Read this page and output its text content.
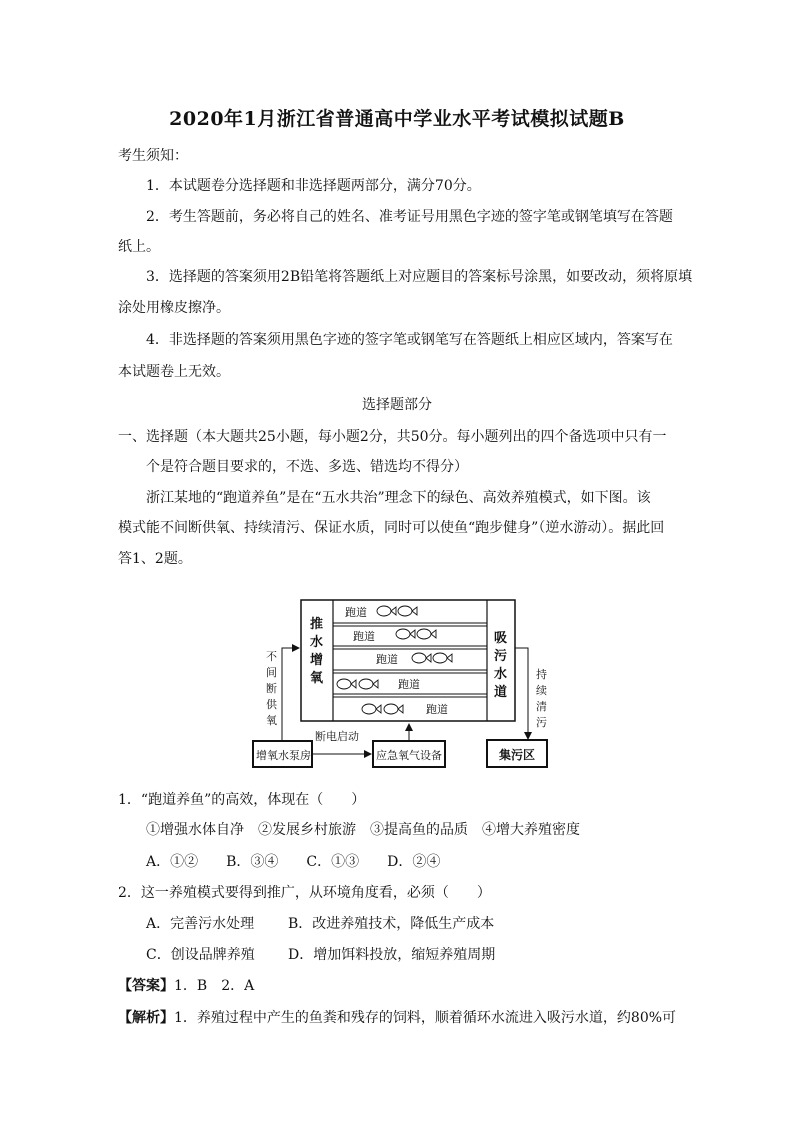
2020年1月浙江省普通高中学业水平考试模拟试题B
考生须知：
1．本试题卷分选择题和非选择题两部分，满分70分。
2．考生答题前，务必将自己的姓名、准考证号用黑色字迹的签字笔或钢笔填写在答题
纸上。
3．选择题的答案须用2B铅笔将答题纸上对应题目的答案标号涂黑，如要改动，须将原填
涂处用橡皮擦净。
4．非选择题的答案须用黑色字迹的签字笔或钢笔写在答题纸上相应区域内，答案写在
本试题卷上无效。
选择题部分
一、选择题（本大题共25小题，每小题2分，共50分。每小题列出的四个备选项中只有一
个是符合题目要求的，不选、多选、错选均不得分）
浙江某地的“跑道养鱼”是在“五水共治”理念下的绿色、高效养殖模式，如下图。该
模式能不间断供氧、持续清污、保证水质，同时可以使鱼“跑步健身”（逆水游动）。据此回
答1、2题。
推 水 增 氧
吸 污 水 道
跑道
跑道
跑道
跑道
跑道
不 间 断 供 氧
持 续 清 污
增氧水泵房	应急氧气设备	集污区
断电启动
1．“跑道养鱼”的高效，体现在（　　）
①增强水体自净　②发展乡村旅游　③提高鱼的品质　④增大养殖密度
A．①②　　B．③④　　C．①③　　D．②④
2．这一养殖模式要得到推广，从环境角度看，必须（　　）
A．完善污水处理 B．改进养殖技术，降低生产成本
C．创设品牌养殖 D．增加饵料投放，缩短养殖周期
【答案】1．B　2．A
【解析】1．养殖过程中产生的鱼粪和残存的饲料，顺着循环水流进入吸污水道，约80%可
